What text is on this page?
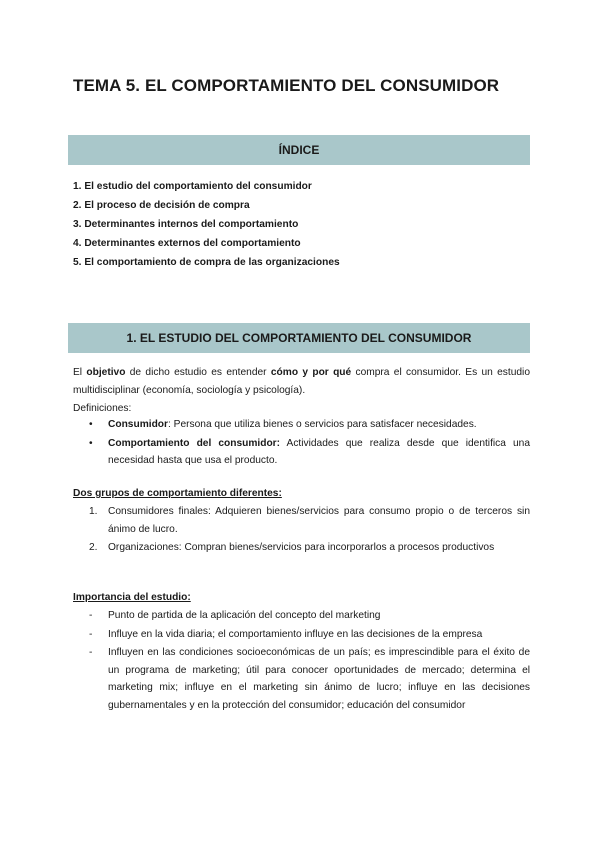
TEMA 5. EL COMPORTAMIENTO DEL CONSUMIDOR
ÍNDICE
1. El estudio del comportamiento del consumidor
2. El proceso de decisión de compra
3. Determinantes internos del comportamiento
4. Determinantes externos del comportamiento
5. El comportamiento de compra de las organizaciones
1. EL ESTUDIO DEL COMPORTAMIENTO DEL CONSUMIDOR

El objetivo de dicho estudio es entender cómo y por qué compra el consumidor. Es un estudio multidisciplinar (economía, sociología y psicología).

Definiciones:

• Consumidor: Persona que utiliza bienes o servicios para satisfacer necesidades.
• Comportamiento del consumidor: Actividades que realiza desde que identifica una necesidad hasta que usa el producto.

Dos grupos de comportamiento diferentes:

1. Consumidores finales: Adquieren bienes/servicios para consumo propio o de terceros sin ánimo de lucro.
2. Organizaciones: Compran bienes/servicios para incorporarlos a procesos productivos

Importancia del estudio:

- Punto de partida de la aplicación del concepto del marketing
- Influye en la vida diaria; el comportamiento influye en las decisiones de la empresa
- Influyen en las condiciones socioeconómicas de un país; es imprescindible para el éxito de un programa de marketing; útil para conocer oportunidades de mercado; determina el marketing mix; influye en el marketing sin ánimo de lucro; influye en las decisiones gubernamentales y en la protección del consumidor; educación del consumidor
